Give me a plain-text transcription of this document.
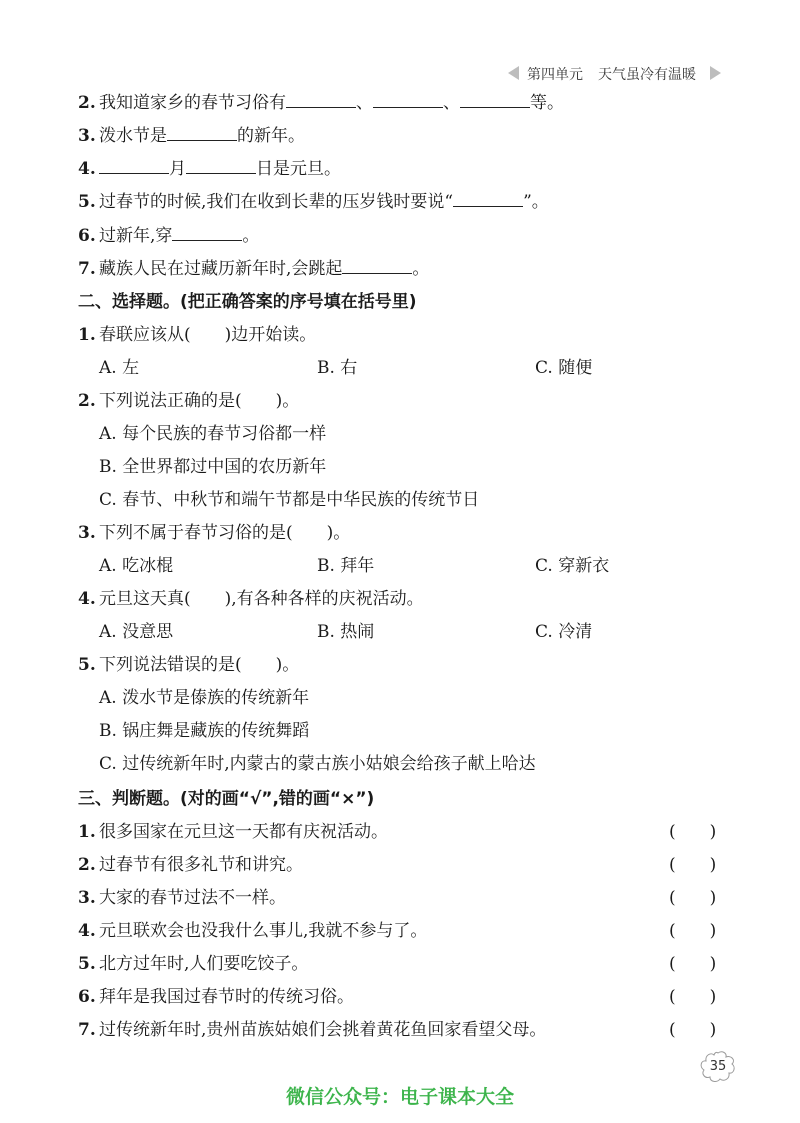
第四单元 天气虽冷有温暖
2. 我知道家乡的春节习俗有	、	、	等。
3. 泼水节是	的新年。
4.	月	日是元旦。
5. 过春节的时候,我们在收到长辈的压岁钱时要说“	”。
6. 过新年,穿	。
7. 藏族人民在过藏历新年时,会跳起	。
二、选择题。(把正确答案的序号填在括号里)
1. 春联应该从(　　)边开始读。
A. 左	B. 右	C. 随便
2. 下列说法正确的是(　　)。
A. 每个民族的春节习俗都一样
B. 全世界都过中国的农历新年
C. 春节、中秋节和端午节都是中华民族的传统节日
3. 下列不属于春节习俗的是(　　)。
A. 吃冰棍	B. 拜年	C. 穿新衣
4. 元旦这天真(　　),有各种各样的庆祝活动。
A. 没意思	B. 热闹	C. 冷清
5. 下列说法错误的是(　　)。
A. 泼水节是傣族的传统新年
B. 锅庄舞是藏族的传统舞蹈
C. 过传统新年时,内蒙古的蒙古族小姑娘会给孩子献上哈达
三、判断题。(对的画“√”,错的画“×”)
1. 很多国家在元旦这一天都有庆祝活动。	(　　)
2. 过春节有很多礼节和讲究。	(　　)
3. 大家的春节过法不一样。	(　　)
4. 元旦联欢会也没我什么事儿,我就不参与了。	(　　)
5. 北方过年时,人们要吃饺子。	(　　)
6. 拜年是我国过春节时的传统习俗。	(　　)
7. 过传统新年时,贵州苗族姑娘们会挑着黄花鱼回家看望父母。	(　　)
35
微信公众号：电子课本大全
